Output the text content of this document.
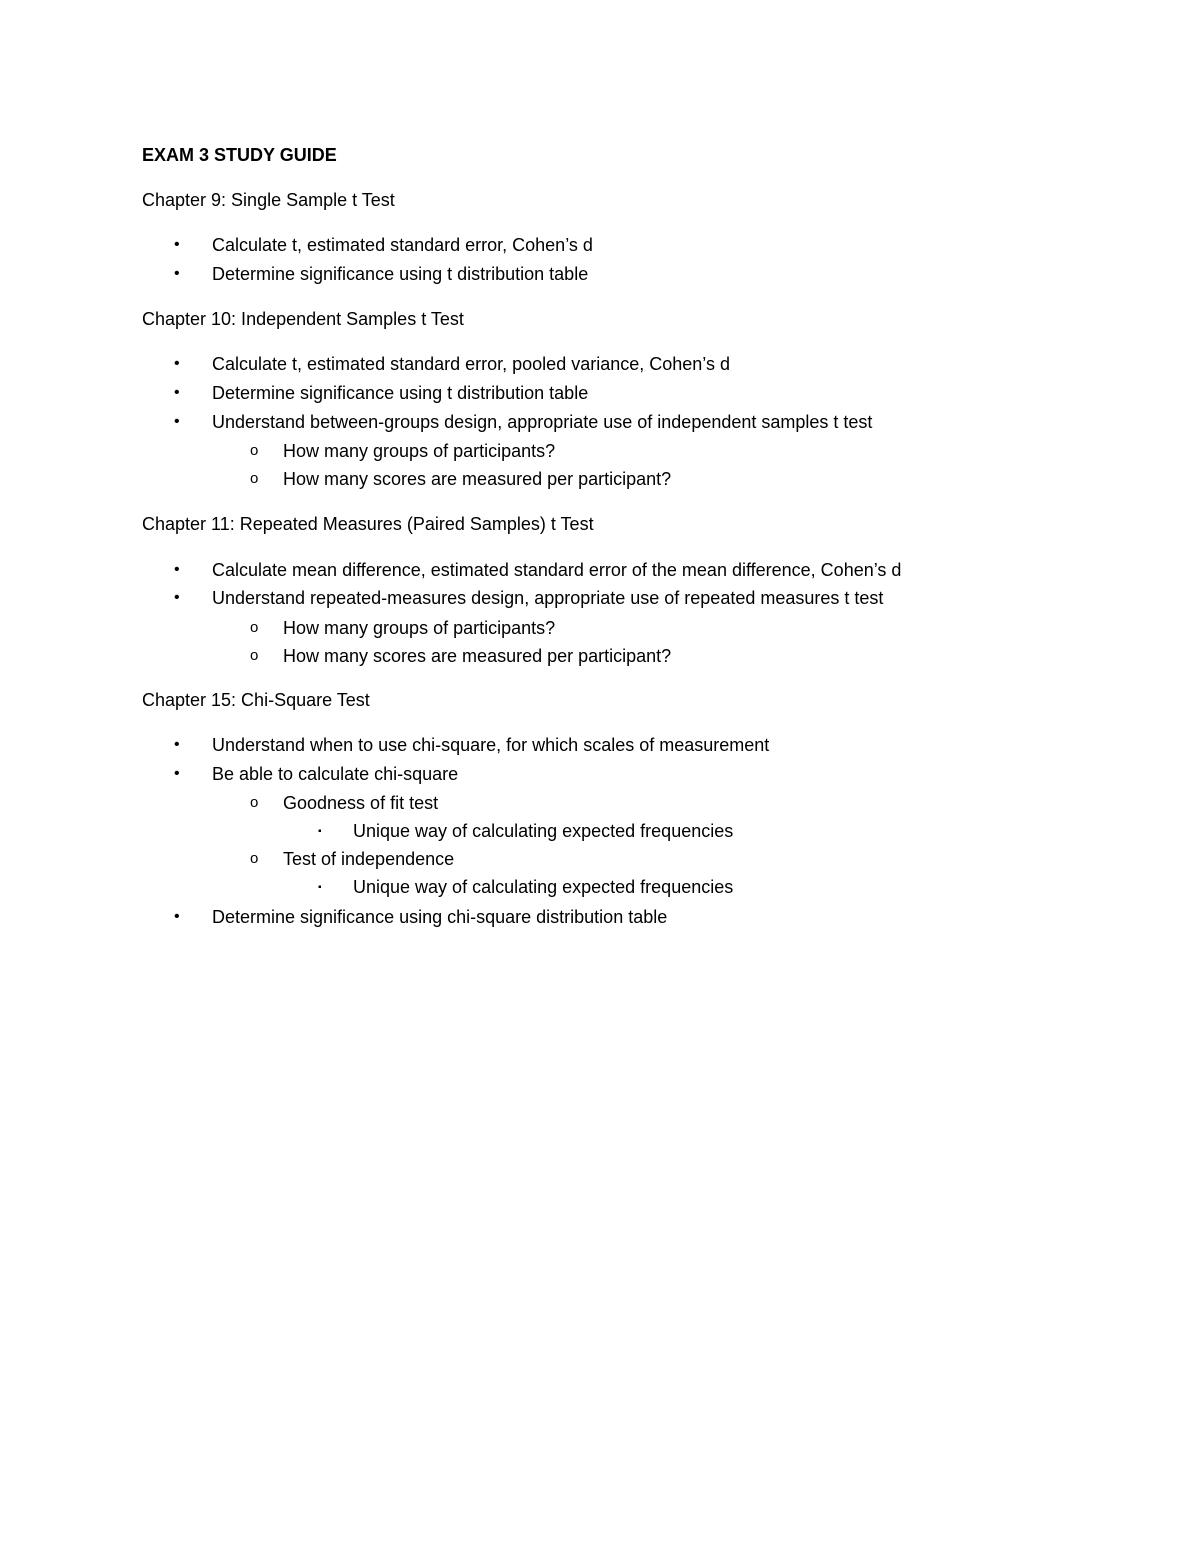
EXAM 3 STUDY GUIDE
Chapter 9: Single Sample t Test
• Calculate t, estimated standard error, Cohen’s d
• Determine significance using t distribution table
Chapter 10: Independent Samples t Test
• Calculate t, estimated standard error, pooled variance, Cohen’s d
• Determine significance using t distribution table
• Understand between-groups design, appropriate use of independent samples t test
o How many groups of participants?
o How many scores are measured per participant?
Chapter 11: Repeated Measures (Paired Samples) t Test
• Calculate mean difference, estimated standard error of the mean difference, Cohen’s d
• Understand repeated-measures design, appropriate use of repeated measures t test
o How many groups of participants?
o How many scores are measured per participant?
Chapter 15: Chi-Square Test
• Understand when to use chi-square, for which scales of measurement
• Be able to calculate chi-square
o Goodness of fit test
▪ Unique way of calculating expected frequencies
o Test of independence
▪ Unique way of calculating expected frequencies
• Determine significance using chi-square distribution table
